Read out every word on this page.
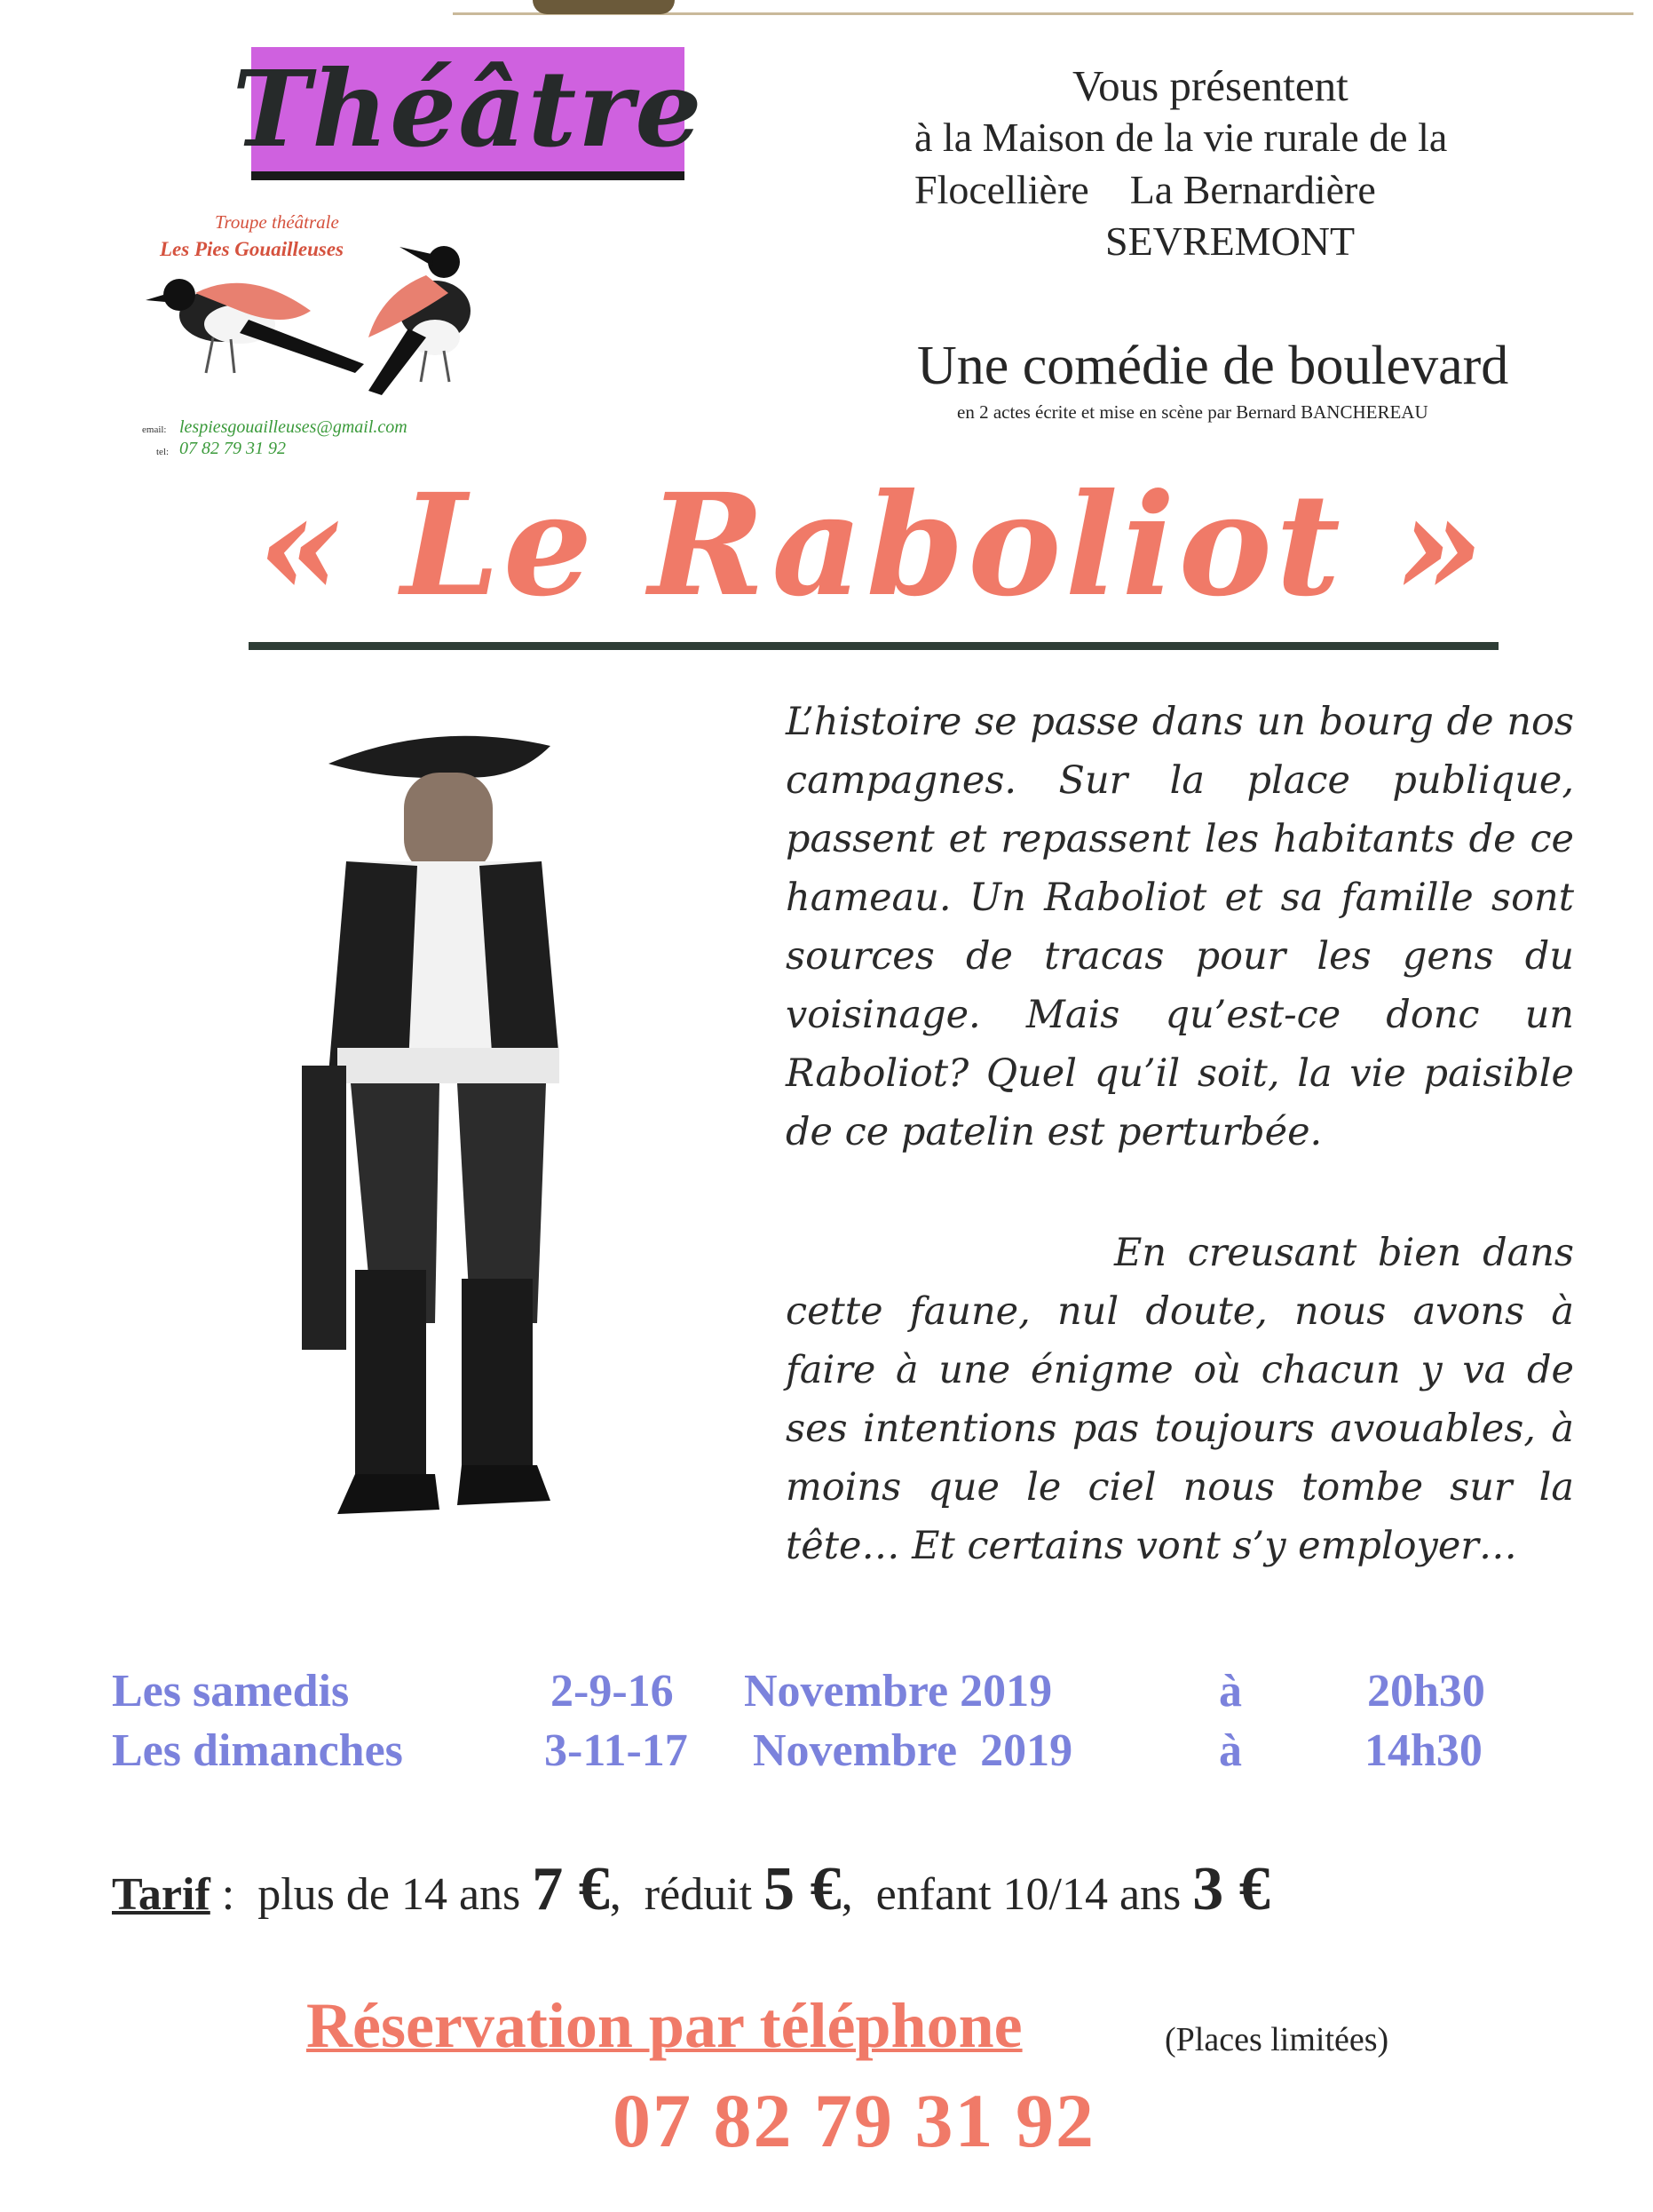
Théâtre
Troupe théâtrale
Les Pies Gouailleuses
email: lespiesgouailleuses@gmail.com
tel: 07 82 79 31 92
Vous présentent
à la Maison de la vie rurale de la
Flocellière    La Bernardière
SEVREMONT
Une comédie de boulevard
en 2 actes écrite et mise en scène par Bernard BANCHEREAU
« Le Raboliot »

L’histoire se passe dans un bourg de nos campagnes. Sur la place publique, passent et repassent les habitants de ce hameau. Un Raboliot et sa famille sont sources de tracas pour les gens du voisinage. Mais qu’est-ce donc un Raboliot? Quel qu’il soit, la vie paisible de ce patelin est perturbée.

En creusant bien dans cette faune, nul doute, nous avons à faire à une énigme où chacun y va de ses intentions pas toujours avouables, à moins que le ciel nous tombe sur la tête… Et certains vont s’y employer…

Les samedis	2-9-16 Novembre 2019	à	20h30
Les dimanches	3-11-17 Novembre  2019	à	14h30
Tarif :  plus de 14 ans 7 €,  réduit 5 €,  enfant 10/14 ans 3 €
Réservation par téléphone	(Places limitées)
07 82 79 31 92
